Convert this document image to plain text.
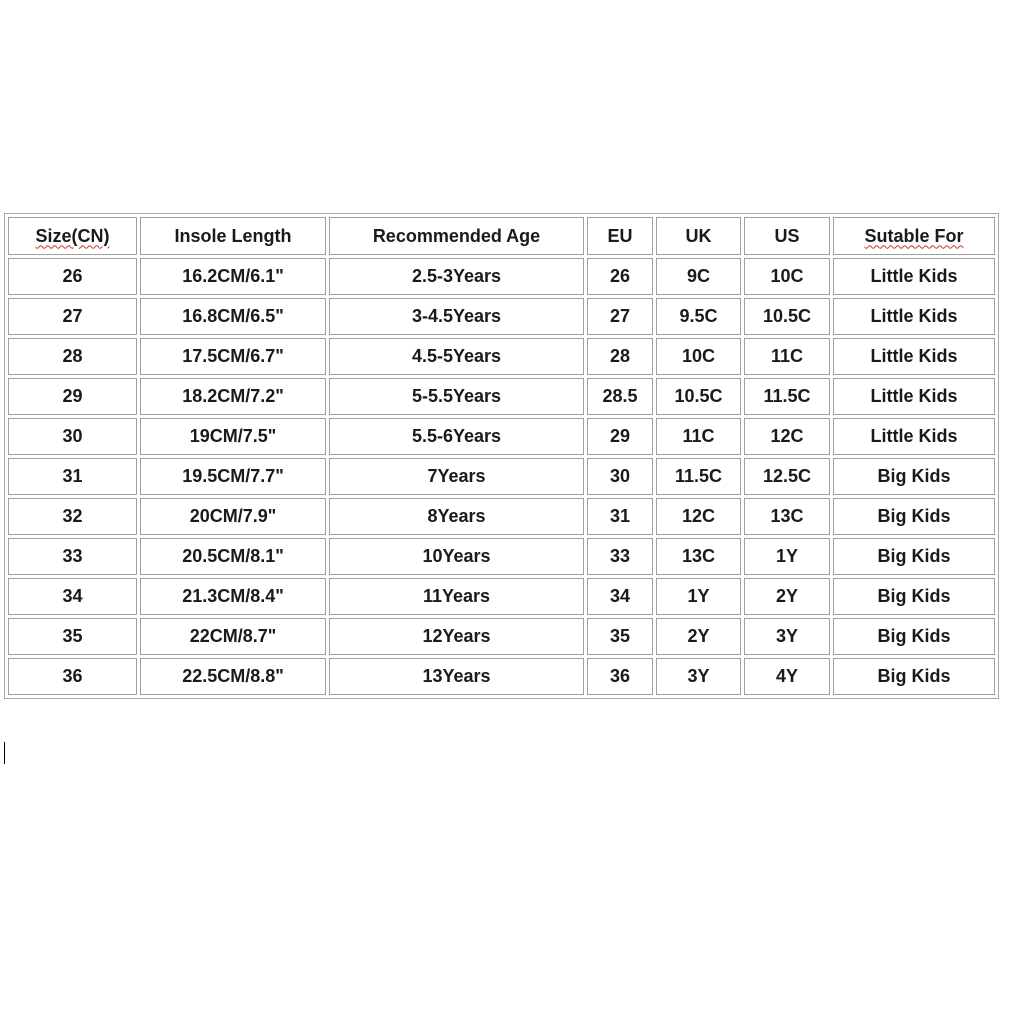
Size(CN)	Insole Length	Recommended Age	EU	UK	US	Sutable For
26	16.2CM/6.1"	2.5-3Years	26	9C	10C	Little Kids
27	16.8CM/6.5"	3-4.5Years	27	9.5C	10.5C	Little Kids
28	17.5CM/6.7"	4.5-5Years	28	10C	11C	Little Kids
29	18.2CM/7.2"	5-5.5Years	28.5	10.5C	11.5C	Little Kids
30	19CM/7.5"	5.5-6Years	29	11C	12C	Little Kids
31	19.5CM/7.7"	7Years	30	11.5C	12.5C	Big Kids
32	20CM/7.9"	8Years	31	12C	13C	Big Kids
33	20.5CM/8.1"	10Years	33	13C	1Y	Big Kids
34	21.3CM/8.4"	11Years	34	1Y	2Y	Big Kids
35	22CM/8.7"	12Years	35	2Y	3Y	Big Kids
36	22.5CM/8.8"	13Years	36	3Y	4Y	Big Kids
